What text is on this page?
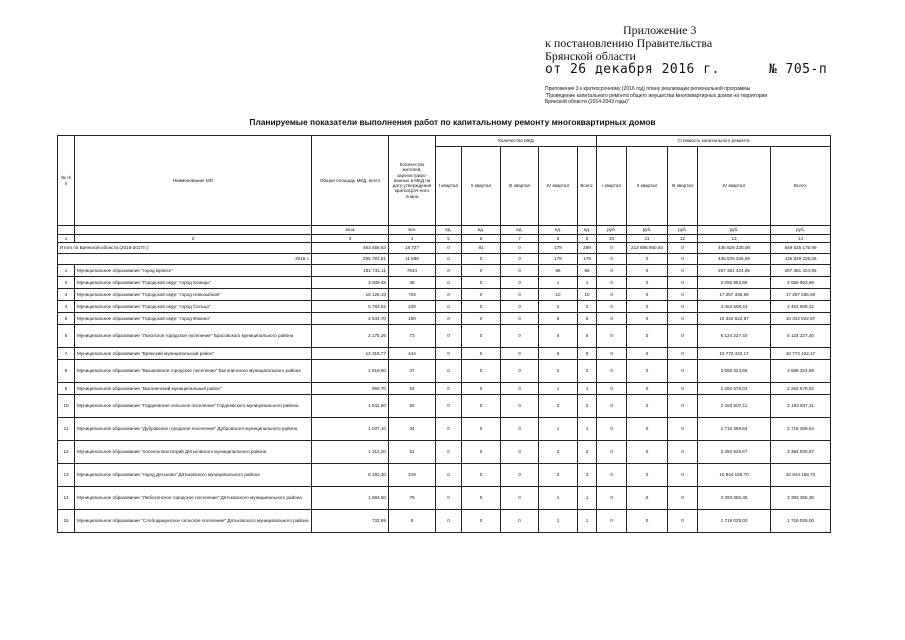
Приложение 3
к постановлению Правительства
Брянской области
от 26 декабря 2016 г.	№ 705-п
Приложение 3 к краткосрочному (2016 год) плану реализации региональной программы
"Проведение капитального ремонта общего имущества многоквартирных домов на территории
Брянской области (2014-2043 годы)"
Планируемые показатели выполнения работ по капитальному ремонту многоквартирных домов
№ п/п	Наименование МО	Общая площадь МКД, всего	Количество жителей, зарегистриро-ванных в МКД на дату утверждения краткосроч-ного плана	Количество МКД					Стоимость капитального ремонта				
				I квартал	II квартал	III квартал	IV квартал	Всего:	I квартал	II квартал	III квартал	IV квартал	Всего:
		кв.м	чел.	ед.	ед.	ед.	ед.	ед.	руб.	руб.	руб.	руб.	руб.
1	2	3	4	5	6	7	8	9	10	11	12	13	14
Итого по Брянской области (2016-2017гг.)		463 458,63	18 727	0	81	0	178	259	0	213 695 950,93	0	435 829 225,06	649 525 175,99
2016 г.		296 791,51	11 689	0	0	0	178	178	0	0	0	435 829 225,06	435 829 225,06
1	Муниципальное образование "город Брянск"	191 731,11	7644	0	0	0	86	86	0	0	0	267 381 424,95	267 381 424,95
2	Муниципальное образование "Городской округ "город Клинцы"	3 009,48	48	0	0	0	1	1	0	0	0	2 055 953,98	2 055 953,98
3	Муниципальное образование "Городской округ "город Новозыбков"	15 126,10	703	0	0	0	10	10	0	0	0	17 257 336,59	17 257 336,59
4	Муниципальное образование "Городской округ "город Сельцо"	5 783,62	220	0	0	0	2	2	0	0	0	4 453 508,42	4 453 508,42
5	Муниципальное образование "Городской округ "город Фокино"	4 544,70	190	0	0	0	6	6	0	0	0	10 342 822,87	10 342 822,87
6	Муниципальное образование "Локотское городское поселение" Брасовского муниципального района	2 175,26	73	0	0	0	6	6	0	0	0	6 124 227,40	6 124 227,40
7	Муниципальное образование "Брянский муниципальный район"	13 318,77	444	0	0	0	6	6	0	0	0	10 772 422,17	10 772 422,17
8	Муниципальное образование "Вышковское городское поселение" Выгоничского муниципального района	1 619,60	47	0	0	0	2	2	0	0	0	3 568 324,68	3 568 324,68
9	Муниципальное образование "Выгоничский муниципальный район"	960,70	54	0	0	0	1	1	0	0	0	2 262 578,02	2 262 578,02
10	Муниципальное образование "Гордеевское сельское поселение" Гордеевского муниципального района	1 541,60	92	0	0	0	2	2	0	0	0	2 183 507,11	2 183 507,11
11	Муниципальное образование "Дубровское городское поселение" Дубровского муниципального района	1 037,10	34	0	0	0	1	1	0	0	0	2 718 369,64	2 718 369,64
12	Муниципальное образование "поселок Балтатрий Дятьковского муниципального района	1 312,20	51	0	0	0	2	2	0	0	0	3 394 925,67	3 394 925,67
13	Муниципальное образование "город Дятьково" Дятьковского муниципального района	8 162,30	319	0	0	0	3	3	0	0	0	10 944 169,70	10 944 169,70
14	Муниципальное образование "Любохонское городское поселение" Дятьковского муниципального района	1 684,50	79	0	0	0	1	1	0	0	0	3 393 355,35	3 393 355,35
15	Муниципальное образование "Слободищенское сельское поселение" Дятьковского муниципального района	732,69	8	0	0	0	1	1	0	0	0	1 719 025,00	1 719 025,00
